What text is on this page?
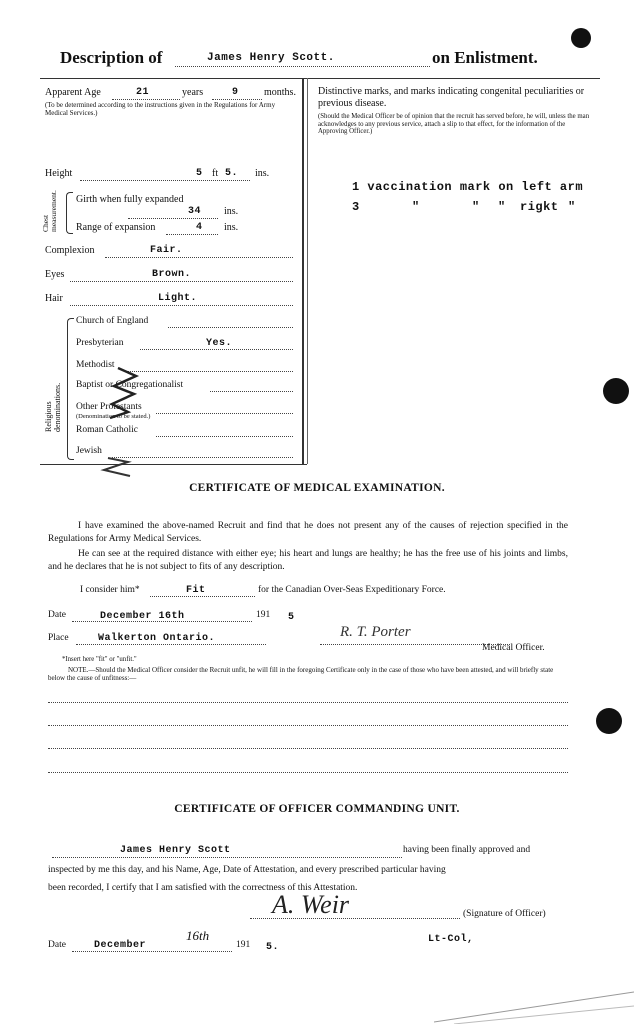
Description of	James Henry Scott.	on Enlistment.
Apparent Age	21	years	9	months.
(To be determined according to the instructions given in the Regulations for Army Medical Services.)
Height	5 ft 5. ins.
Chest measurement. Girth when fully expanded
34 ins.
Range of expansion	4 ins.
Complexion	Fair.
Eyes	Brown.
Hair	Light.
Religious denominations.
Church of England
Presbyterian	Yes.
Methodist
Baptist or Congregationalist
Other Protestants
(Denomination to be stated.)
Roman Catholic
Jewish
Distinctive marks, and marks indicating congenital peculiarities or previous disease.
(Should the Medical Officer be of opinion that the recruit has served before, he will, unless the man acknowledges to any previous service, attach a slip to that effect, for the information of the Approving Officer.)
1 vaccination mark on left arm
3	"	" " rigkt "
CERTIFICATE OF MEDICAL EXAMINATION.
I have examined the above-named Recruit and find that he does not present any of the causes of rejection specified in the Regulations for Army Medical Services.
He can see at the required distance with either eye; his heart and lungs are healthy; he has the free use of his joints and limbs, and he declares that he is not subject to fits of any description.
I consider him*	Fit	for the Canadian Over-Seas Expeditionary Force.
Date	December 16th	191 5
Place	Walkerton Ontario.	R. T. Porter
Medical Officer.
*Insert here "fit" or "unfit."
NOTE.—Should the Medical Officer consider the Recruit unfit, he will fill in the foregoing Certificate only in the case of those who have been attested, and will briefly state below the cause of unfitness:—
CERTIFICATE OF OFFICER COMMANDING UNIT.
James Henry Scott	having been finally approved and
inspected by me this day, and his Name, Age, Date of Attestation, and every prescribed particular having
been recorded, I certify that I am satisfied with the correctness of this Attestation.
A. Weir	(Signature of Officer)
Date	December
16th
191 5.
Lt-Col,
